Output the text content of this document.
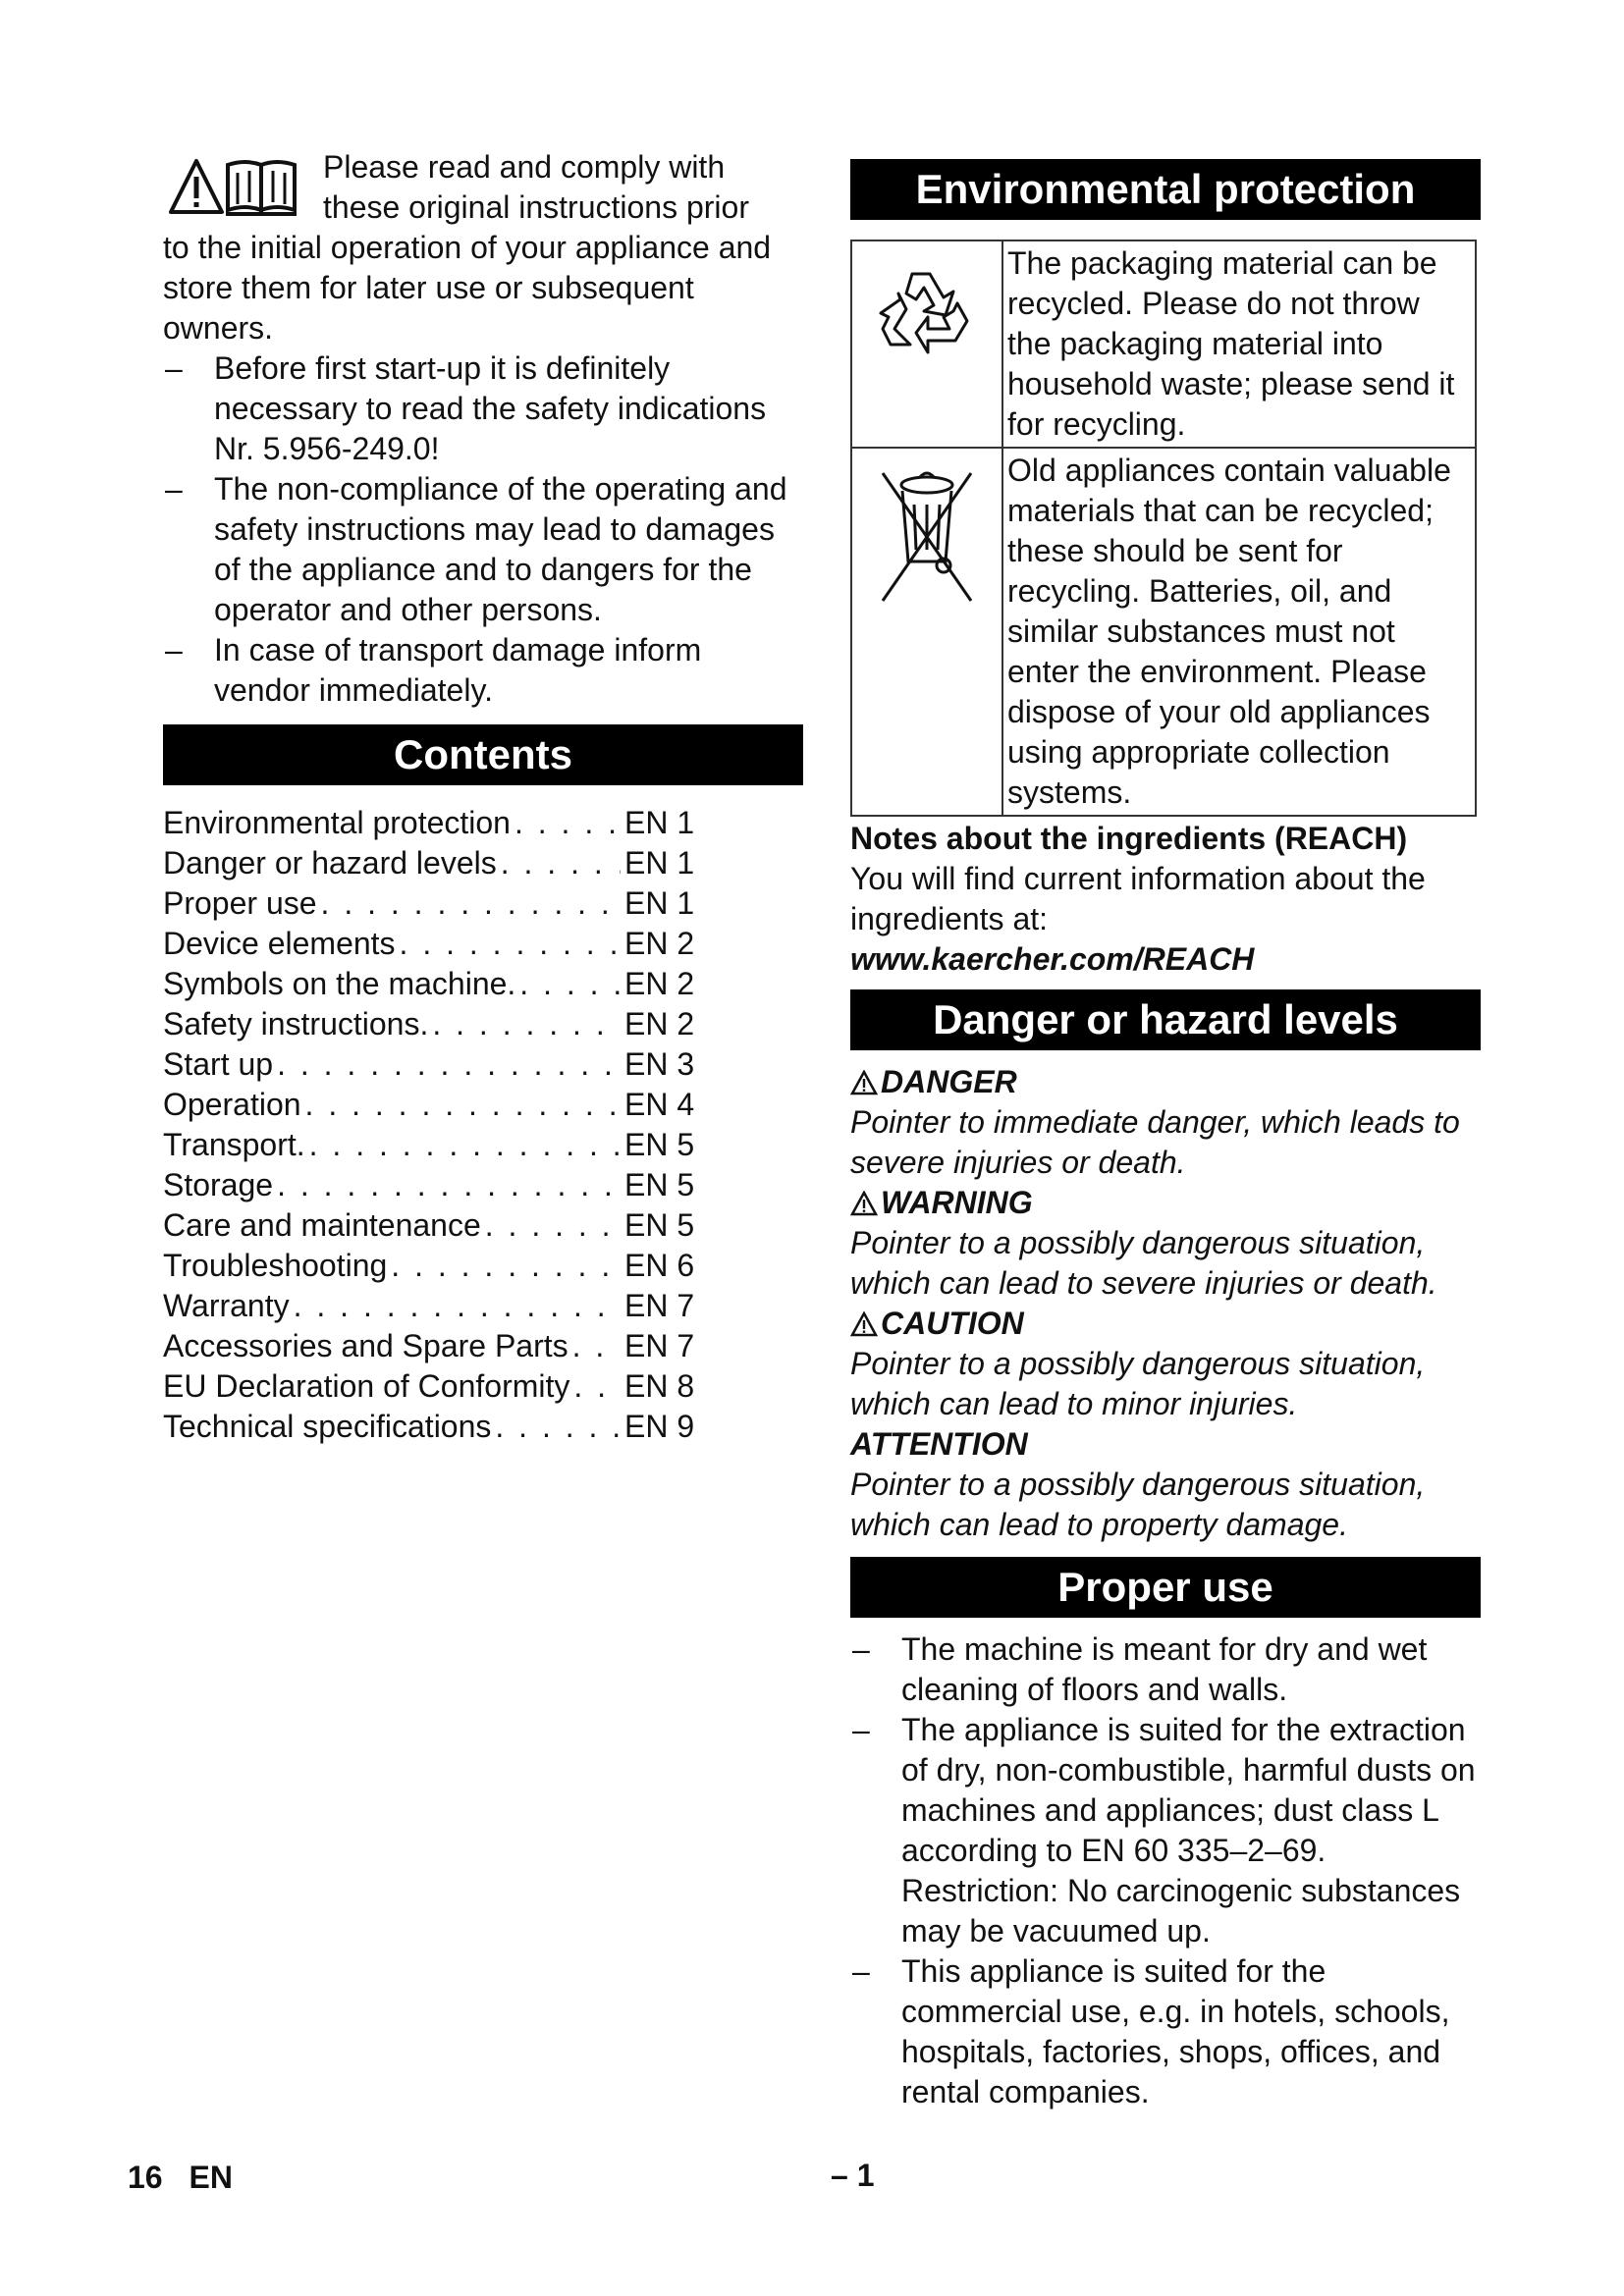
Please read and comply with these original instructions prior

to the initial operation of your appliance and store them for later use or subsequent owners.

– Before first start-up it is definitely necessary to read the safety indications Nr. 5.956-249.0!
– The non-compliance of the operating and safety instructions may lead to damages of the appliance and to dangers for the operator and other persons.
– In case of transport damage inform vendor immediately.
Contents
Environmental protection . . .	EN 1
Danger or hazard levels . . .	EN 1
Proper use . . .	EN 1
Device elements . . .	EN 2
Symbols on the machine. . . .	EN 2
Safety instructions. . . .	EN 2
Start up . . .	EN 3
Operation . . .	EN 4
Transport. . . .	EN 5
Storage . . .	EN 5
Care and maintenance . . .	EN 5
Troubleshooting . . .	EN 6
Warranty . . .	EN 7
Accessories and Spare Parts . . . EN 7
EU Declaration of Conformity . . . EN 8
Technical specifications . . .	EN 9
Environmental protection
	The packaging material can be recycled. Please do not throw the packaging material into household waste; please send it for recycling.
	Old appliances contain valuable materials that can be recycled; these should be sent for recycling. Batteries, oil, and similar substances must not enter the environment. Please dispose of your old appliances using appropriate collection systems.

Notes about the ingredients (REACH)

You will find current information about the ingredients at:

www.kaercher.com/REACH

Danger or hazard levels
DANGER

Pointer to immediate danger, which leads to severe injuries or death.

WARNING

Pointer to a possibly dangerous situation, which can lead to severe injuries or death.

CAUTION

Pointer to a possibly dangerous situation, which can lead to minor injuries.

ATTENTION

Pointer to a possibly dangerous situation, which can lead to property damage.

Proper use
– The machine is meant for dry and wet cleaning of floors and walls.
– The appliance is suited for the extraction of dry, non-combustible, harmful dusts on machines and appliances; dust class L according to EN 60 335–2–69. Restriction: No carcinogenic substances may be vacuumed up.
– This appliance is suited for the commercial use, e.g. in hotels, schools, hospitals, factories, shops, offices, and rental companies.
16 EN	– 1
